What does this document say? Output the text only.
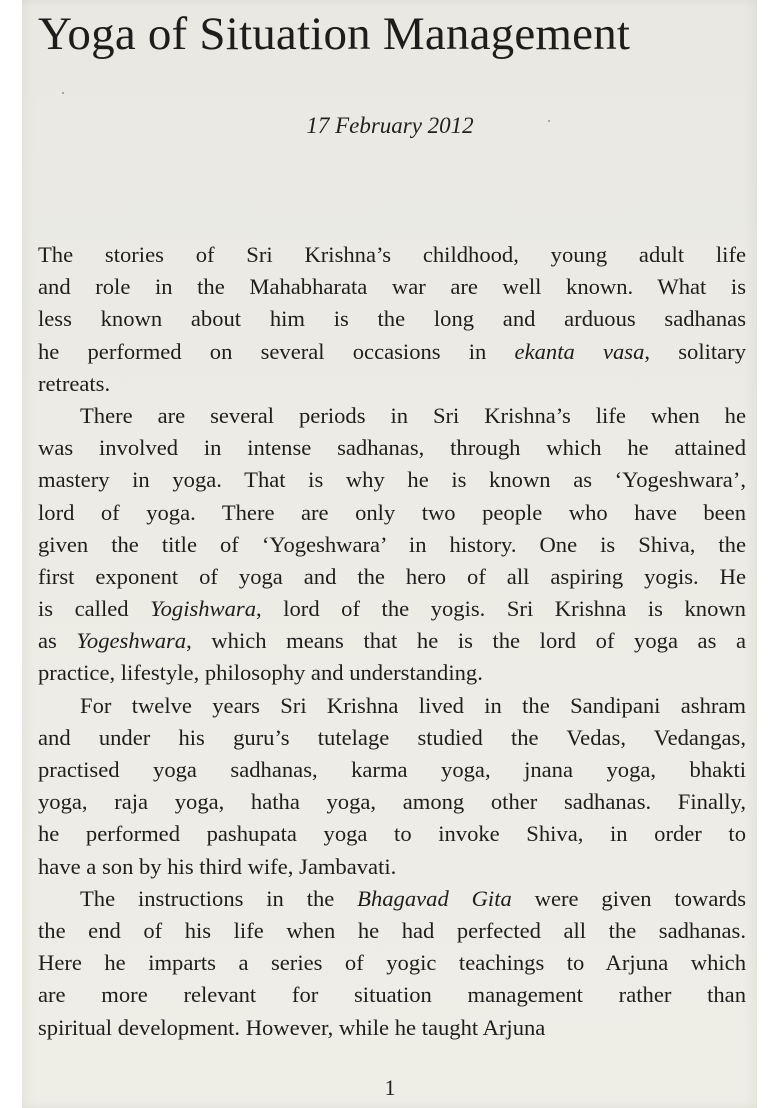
Yoga of Situation Management
17 February 2012
The stories of Sri Krishna’s childhood, young adult life
and role in the Mahabharata war are well known. What is
less known about him is the long and arduous sadhanas
he performed on several occasions in ekanta vasa, solitary
retreats.
There are several periods in Sri Krishna’s life when he
was involved in intense sadhanas, through which he attained
mastery in yoga. That is why he is known as ‘Yogeshwara’,
lord of yoga. There are only two people who have been
given the title of ‘Yogeshwara’ in history. One is Shiva, the
first exponent of yoga and the hero of all aspiring yogis. He
is called Yogishwara, lord of the yogis. Sri Krishna is known
as Yogeshwara, which means that he is the lord of yoga as a
practice, lifestyle, philosophy and understanding.
For twelve years Sri Krishna lived in the Sandipani ashram
and under his guru’s tutelage studied the Vedas, Vedangas,
practised yoga sadhanas, karma yoga, jnana yoga, bhakti
yoga, raja yoga, hatha yoga, among other sadhanas. Finally,
he performed pashupata yoga to invoke Shiva, in order to
have a son by his third wife, Jambavati.
The instructions in the Bhagavad Gita were given towards
the end of his life when he had perfected all the sadhanas.
Here he imparts a series of yogic teachings to Arjuna which
are more relevant for situation management rather than
spiritual development. However, while he taught Arjuna
1
